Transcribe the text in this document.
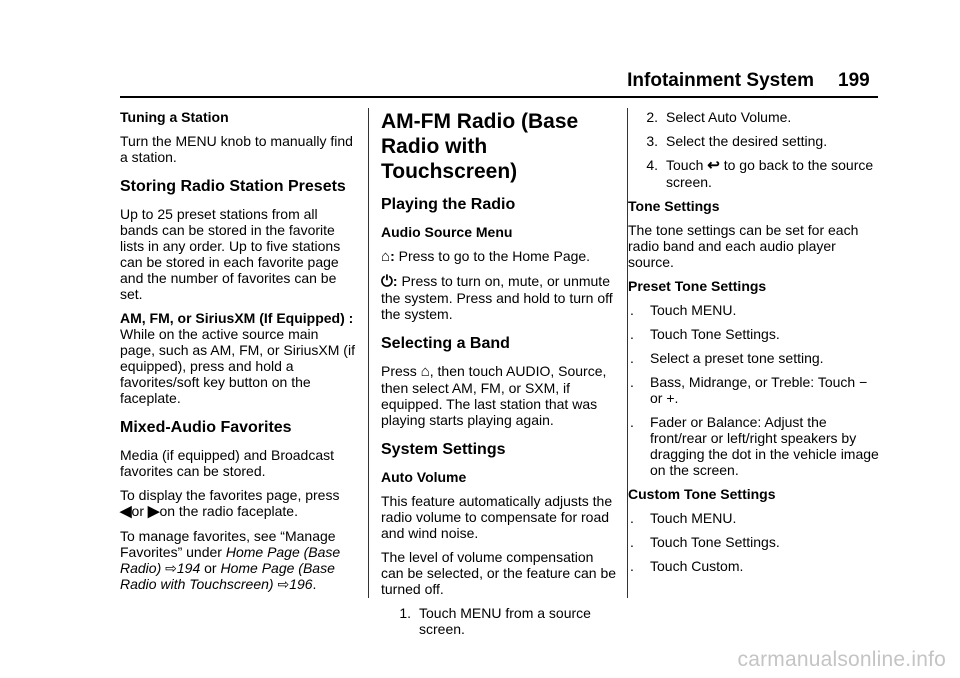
Infotainment System 199
Tuning a Station

Turn the MENU knob to manually find a station.

Storing Radio Station Presets

Up to 25 preset stations from all bands can be stored in the favorite lists in any order. Up to five stations can be stored in each favorite page and the number of favorites can be set.

AM, FM, or SiriusXM (If Equipped) : While on the active source main page, such as AM, FM, or SiriusXM (if equipped), press and hold a favorites/soft key button on the faceplate.

Mixed-Audio Favorites

Media (if equipped) and Broadcast favorites can be stored.

To display the favorites page, press ◀or ▶on the radio faceplate.

To manage favorites, see “Manage Favorites” under Home Page (Base Radio) ⇨194 or Home Page (Base Radio with Touchscreen) ⇨196.

AM-FM Radio (Base Radio with Touchscreen)
Playing the Radio
Audio Source Menu

⌂: Press to go to the Home Page.

⏻: Press to turn on, mute, or unmute the system. Press and hold to turn off the system.

Selecting a Band

Press ⌂, then touch AUDIO, Source, then select AM, FM, or SXM, if equipped. The last station that was playing starts playing again.

System Settings
Auto Volume

This feature automatically adjusts the radio volume to compensate for road and wind noise.

The level of volume compensation can be selected, or the feature can be turned off.

1. Touch MENU from a source screen.
2. Select Auto Volume.
3. Select the desired setting.
4. Touch ↩ to go back to the source screen.
Tone Settings

The tone settings can be set for each radio band and each audio player source.

Preset Tone Settings
.	Touch MENU.
.	Touch Tone Settings.
.	Select a preset tone setting.
.	Bass, Midrange, or Treble: Touch − or +.
.	Fader or Balance: Adjust the front/rear or left/right speakers by dragging the dot in the vehicle image on the screen.
Custom Tone Settings
.	Touch MENU.
.	Touch Tone Settings.
.	Touch Custom.
carmanualsonline.info
